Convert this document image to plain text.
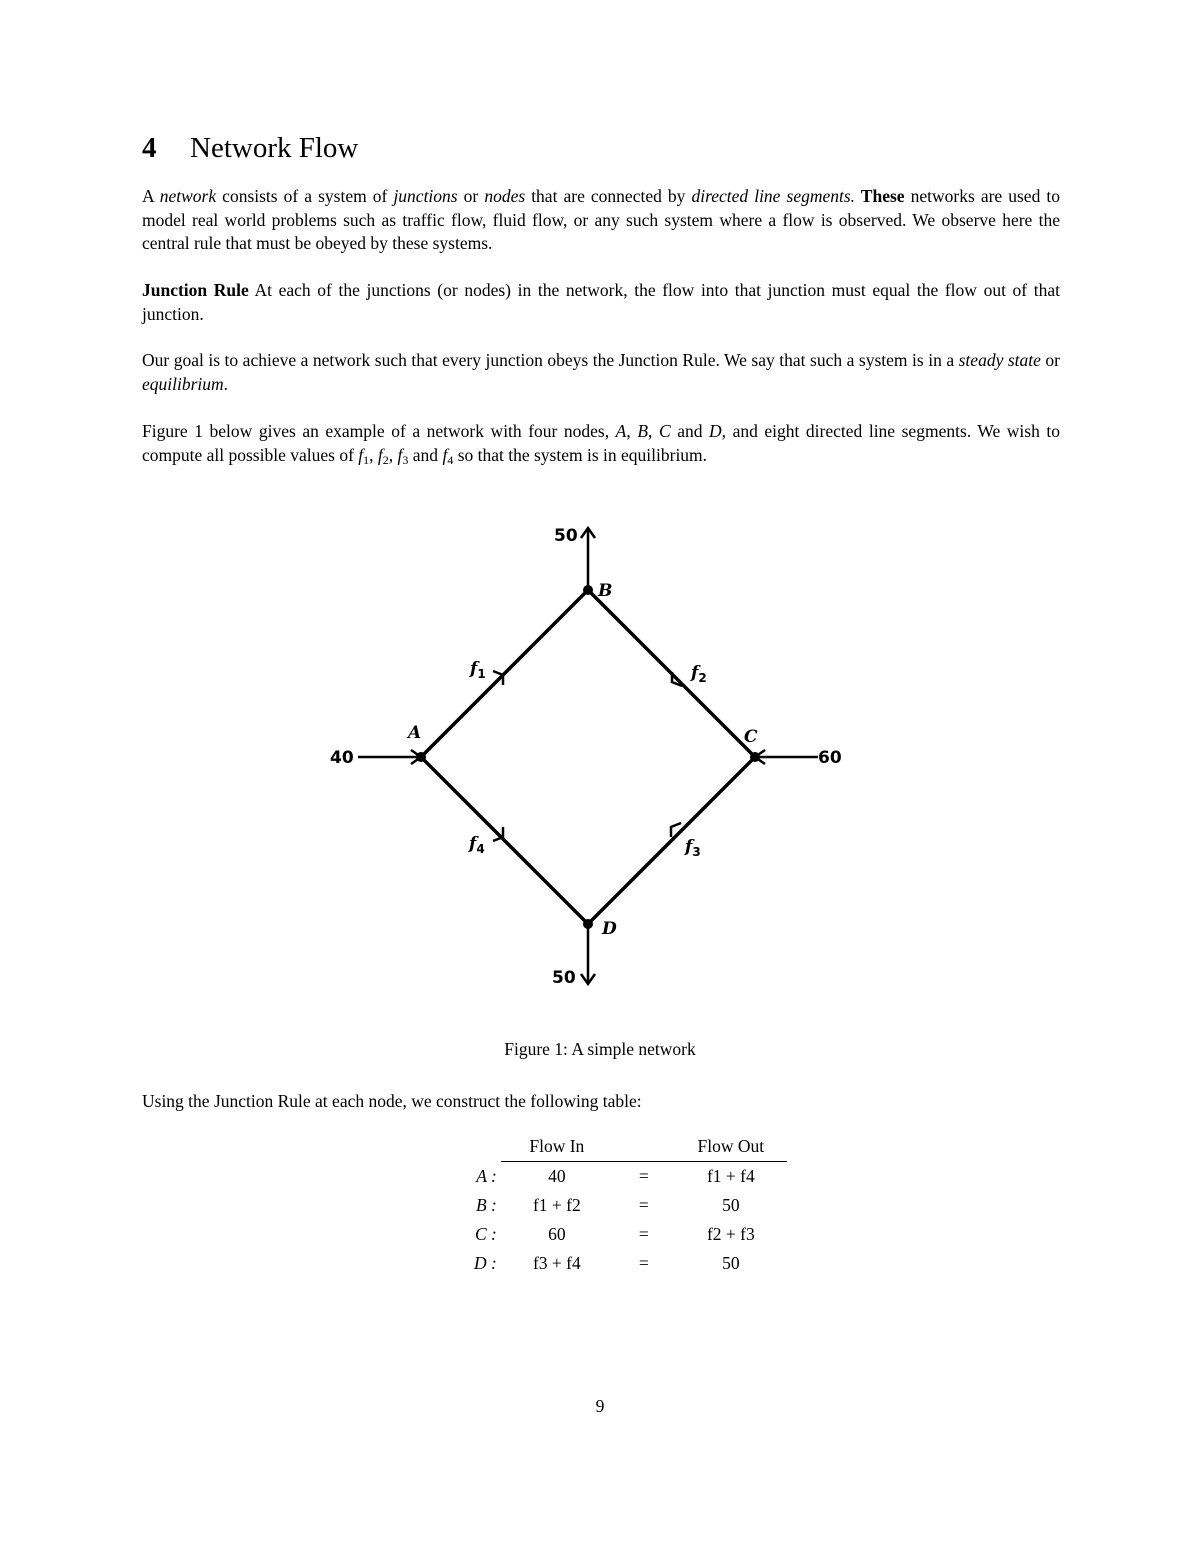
4 Network Flow

A network consists of a system of junctions or nodes that are connected by directed line segments. These networks are used to model real world problems such as traffic flow, fluid flow, or any such system where a flow is observed. We observe here the central rule that must be obeyed by these systems.

Junction Rule At each of the junctions (or nodes) in the network, the flow into that junction must equal the flow out of that junction.

Our goal is to achieve a network such that every junction obeys the Junction Rule. We say that such a system is in a steady state or equilibrium.

Figure 1 below gives an example of a network with four nodes, A, B, C and D, and eight directed line segments. We wish to compute all possible values of $f_1$, $f_2$, $f_3$ and $f_4$ so that the system is in equilibrium.

A
B
C
D
$f_1$	$f_2$
$f_3$
$f_4$
40
50
60
50
Figure 1: A simple network

Using the Junction Rule at each node, we construct the following table:

	Flow In		Flow Out
A :	40	=	f1 + f4
B :	f1 + f2	=	50
C :	60	=	f2 + f3
D :	f3 + f4	=	50
9
